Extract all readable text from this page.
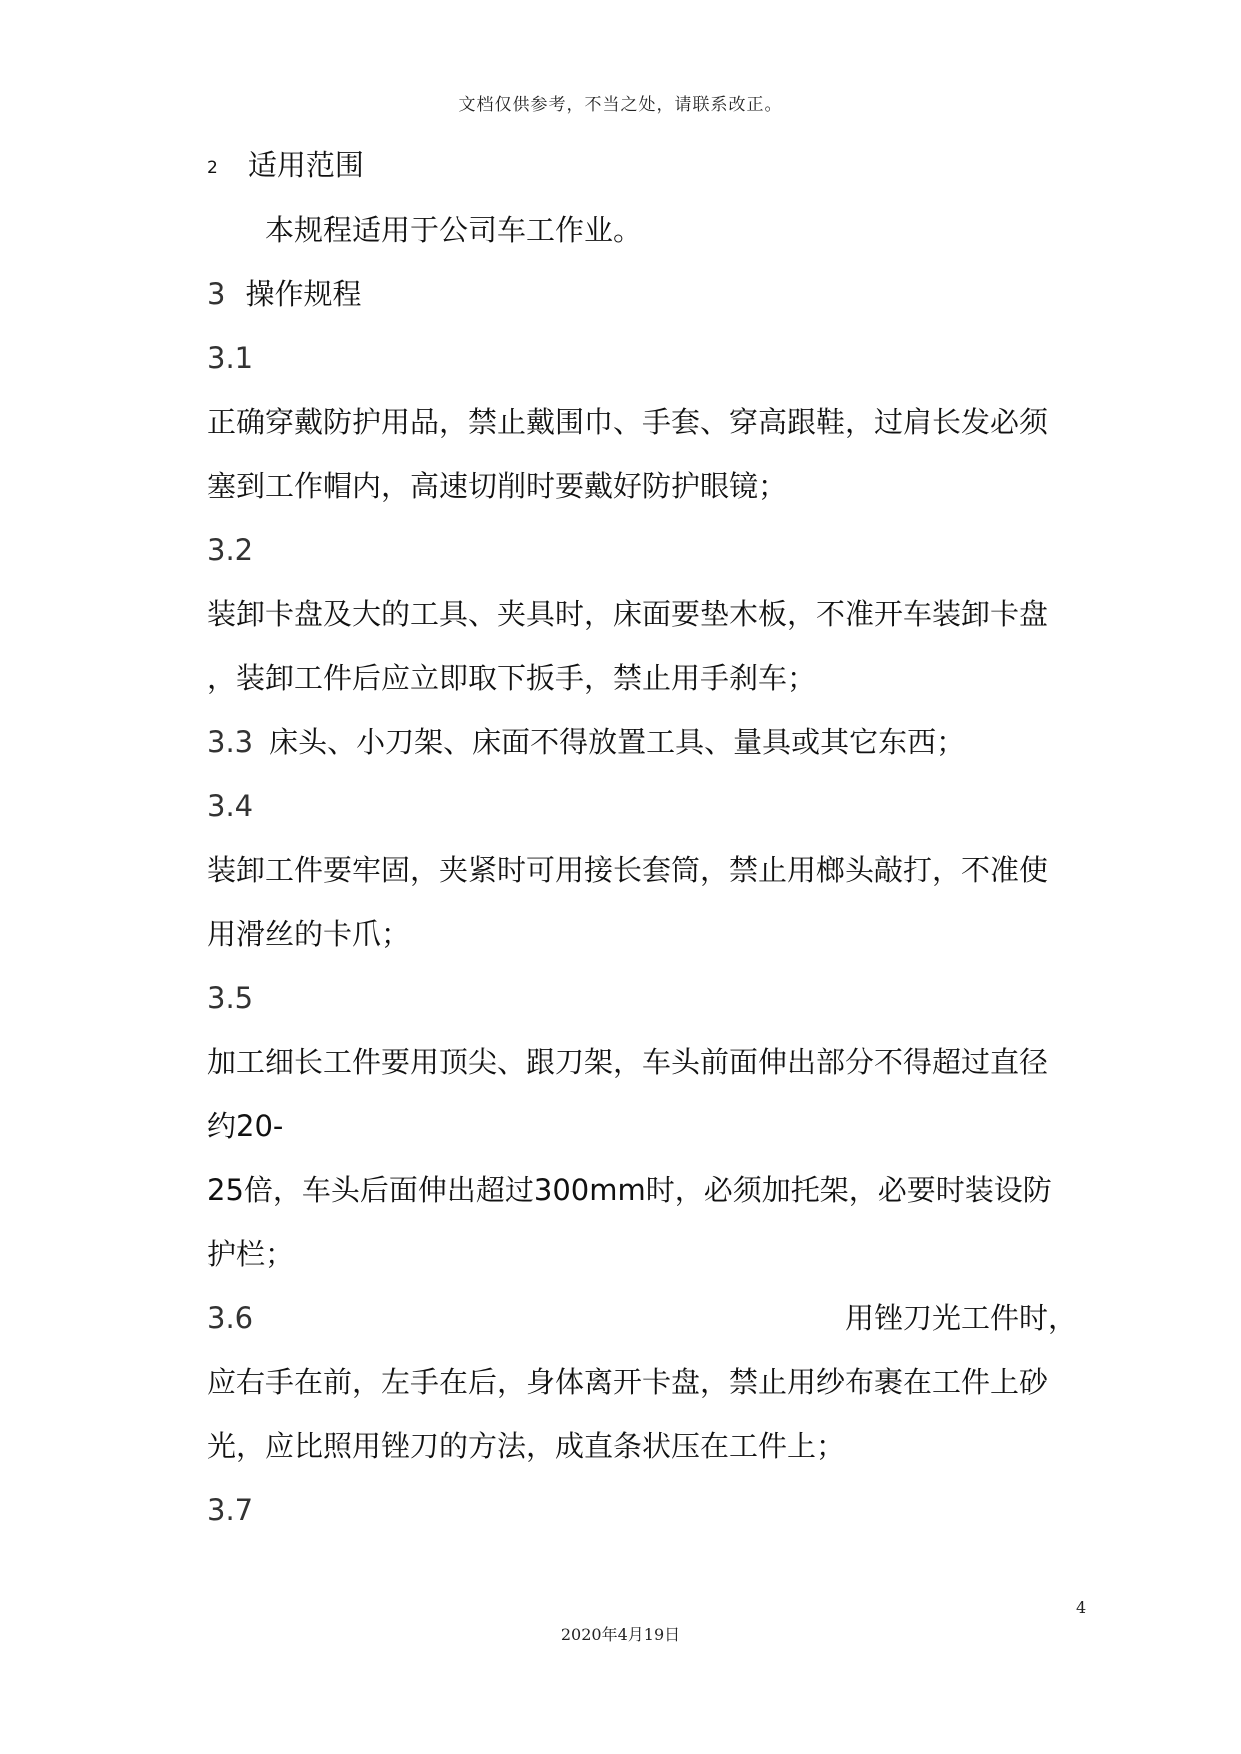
文档仅供参考，不当之处，请联系改正。
2 适用范围
本规程适用于公司车工作业。
3 操作规程
3.1
正确穿戴防护用品，禁止戴围巾、手套、穿高跟鞋，过肩长发必须
塞到工作帽内，高速切削时要戴好防护眼镜；
3.2
装卸卡盘及大的工具、夹具时，床面要垫木板，不准开车装卸卡盘
，装卸工件后应立即取下扳手，禁止用手刹车；
3.3 床头、小刀架、床面不得放置工具、量具或其它东西；
3.4
装卸工件要牢固，夹紧时可用接长套筒，禁止用榔头敲打，不准使
用滑丝的卡爪；
3.5
加工细长工件要用顶尖、跟刀架，车头前面伸出部分不得超过直径
约20-
25倍，车头后面伸出超过300mm时，必须加托架，必要时装设防
护栏；
3.6	用锉刀光工件时，
应右手在前，左手在后，身体离开卡盘，禁止用纱布裹在工件上砂
光，应比照用锉刀的方法，成直条状压在工件上；
3.7
4
2020年4月19日
